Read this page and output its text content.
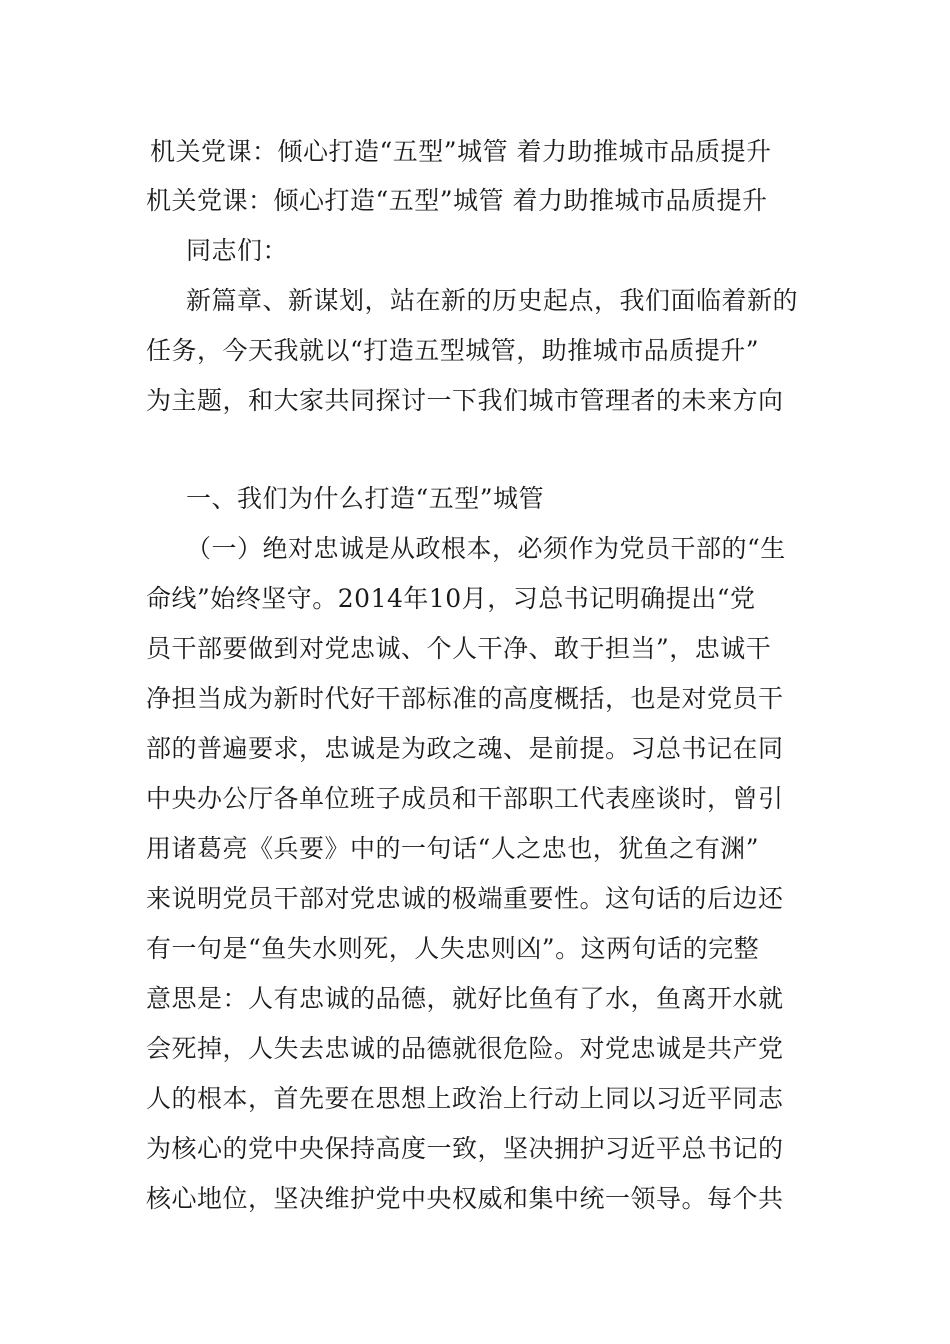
机关党课：倾心打造“五型”城管 着力助推城市品质提升
机关党课：倾心打造“五型”城管 着力助推城市品质提升
同志们：
新篇章、新谋划，站在新的历史起点，我们面临着新的
任务，今天我就以“打造五型城管，助推城市品质提升”
为主题，和大家共同探讨一下我们城市管理者的未来方向
一、我们为什么打造“五型”城管
（一）绝对忠诚是从政根本，必须作为党员干部的“生
命线”始终坚守。2014年10月，习总书记明确提出“党
员干部要做到对党忠诚、个人干净、敢于担当”，忠诚干
净担当成为新时代好干部标准的高度概括，也是对党员干
部的普遍要求，忠诚是为政之魂、是前提。习总书记在同
中央办公厅各单位班子成员和干部职工代表座谈时，曾引
用诸葛亮《兵要》中的一句话“人之忠也，犹鱼之有渊”
来说明党员干部对党忠诚的极端重要性。这句话的后边还
有一句是“鱼失水则死，人失忠则凶”。这两句话的完整
意思是：人有忠诚的品德，就好比鱼有了水，鱼离开水就
会死掉，人失去忠诚的品德就很危险。对党忠诚是共产党
人的根本，首先要在思想上政治上行动上同以习近平同志
为核心的党中央保持高度一致，坚决拥护习近平总书记的
核心地位，坚决维护党中央权威和集中统一领导。每个共
